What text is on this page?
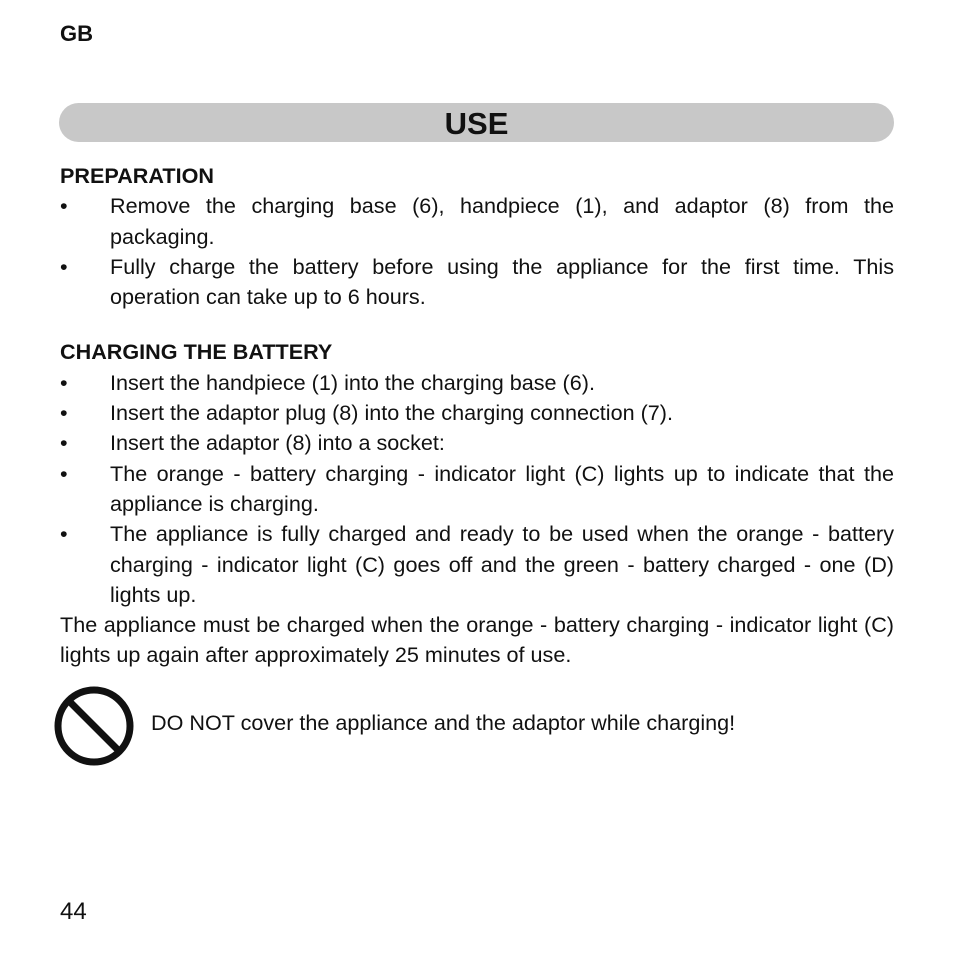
GB
USE

PREPARATION

• Remove the charging base (6), handpiece (1), and adaptor (8) from the packaging.
• Fully charge the battery before using the appliance for the first time. This operation can take up to 6 hours.

CHARGING THE BATTERY

• Insert the handpiece (1) into the charging base (6).
• Insert the adaptor plug (8) into the charging connection (7).
• Insert the adaptor (8) into a socket:
• The orange - battery charging - indicator light (C) lights up to indicate that the appliance is charging.
• The appliance is fully charged and ready to be used when the orange - battery charging - indicator light (C) goes off and the green - battery charged - one (D) lights up.

The appliance must be charged when the orange - battery charging - indicator light (C) lights up again after approximately 25 minutes of use.

DO NOT cover the appliance and the adaptor while charging!
44
